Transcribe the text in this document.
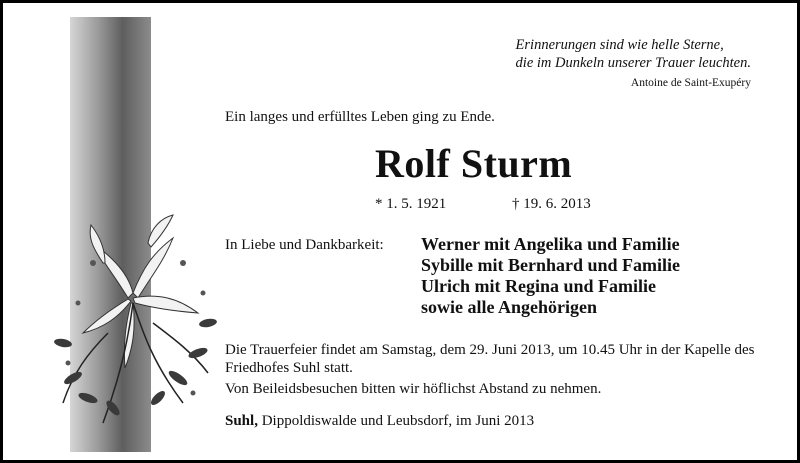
Erinnerungen sind wie helle Sterne,
die im Dunkeln unserer Trauer leuchten.
Antoine de Saint-Exupéry
Ein langes und erfülltes Leben ging zu Ende.
Rolf Sturm
* 1. 5. 1921	† 19. 6. 2013
In Liebe und Dankbarkeit: Werner mit Angelika und Familie
Sybille mit Bernhard und Familie
Ulrich mit Regina und Familie
sowie alle Angehörigen
Die Trauerfeier findet am Samstag, dem 29. Juni 2013, um 10.45 Uhr in der Kapelle des Friedhofes Suhl statt.
Von Beileidsbesuchen bitten wir höflichst Abstand zu nehmen.
Suhl, Dippoldiswalde und Leubsdorf, im Juni 2013
